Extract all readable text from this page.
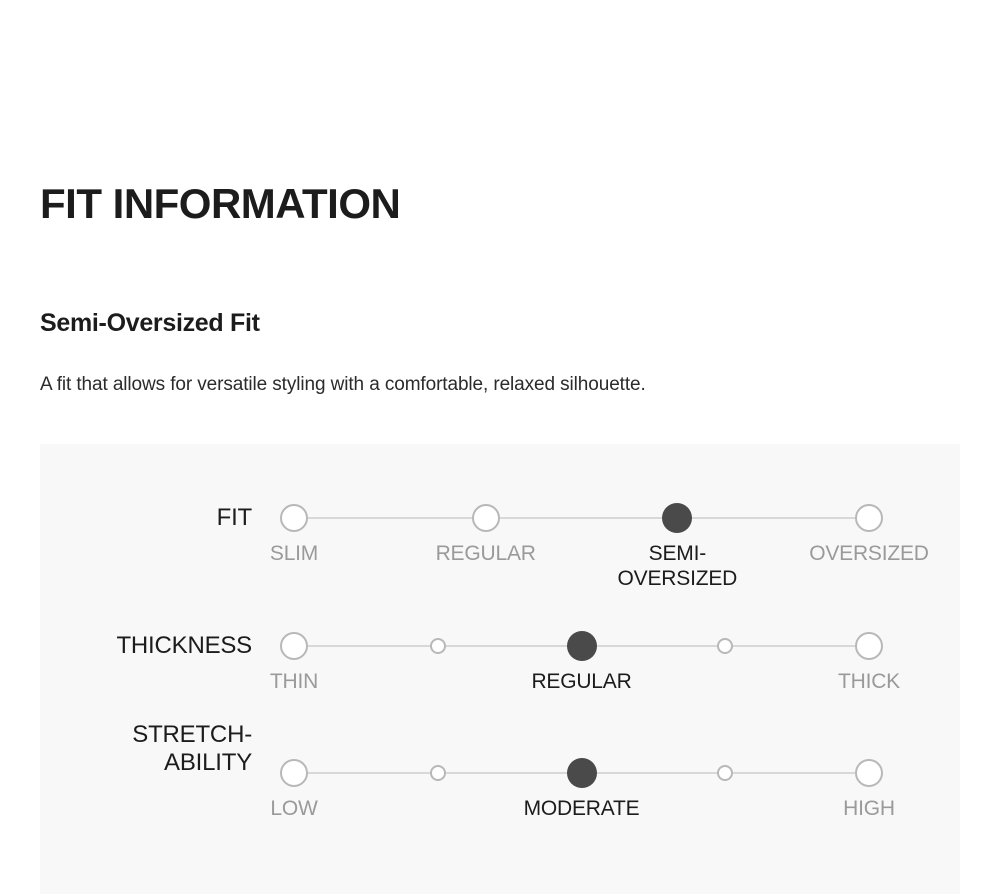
FIT INFORMATION
Semi-Oversized Fit

A fit that allows for versatile styling with a comfortable, relaxed silhouette.

FIT
SLIM	REGULAR	SEMI-
OVERSIZED
OVERSIZED
THICKNESS
THIN	REGULAR	THICK
STRETCH-
ABILITY
LOW	MODERATE	HIGH
